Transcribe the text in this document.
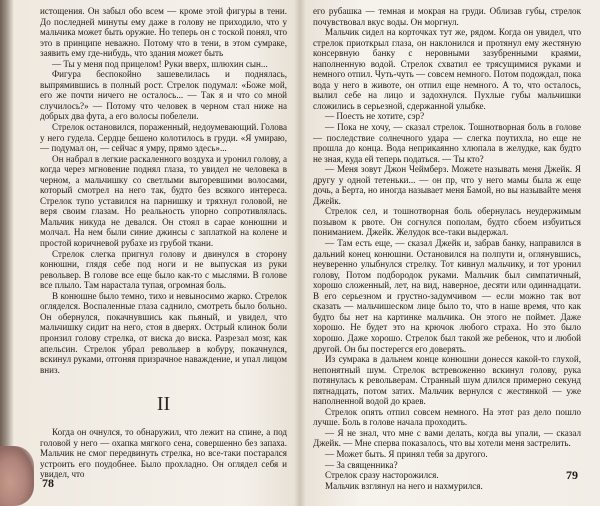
истощения. Он забыл обо всем — кроме этой фигуры в тени. До последней минуты ему даже в голову не приходило, что у мальчика может быть оружие. Но теперь он с тоской понял, что это в принципе неважно. Потому что в тени, в этом сумраке, заявить ему где-нибудь, что здания может быть

— Ты у меня под прицелом! Руки вверх, шлюхин сын...

Фигура беспокойно зашевелилась и поднялась, выпрямившись в полный рост. Стрелок подумал: «Боже мой, его же почти ничего не осталось... — Так я и что со мной случилось?» — Потому что человек в черном стал ниже на добрых два фута, а его волосы побелели.

Стрелок остановился, пораженный, недоумевающий. Голова у него гудела. Сердце бешено колотилось в груди. «Я умираю, — подумал он, — сейчас я умру, прямо здесь»...

Он набрал в легкие раскаленного воздуха и уронил голову, а когда через мгновение поднял глаза, то увидел не человека в черном, а мальчишку со светлыми выгоревшими волосами, который смотрел на него так, будто без всякого интереса. Стрелок тупо уставился на парнишку и тряхнул головой, не веря своим глазам. Но реальность упорно сопротивлялась. Мальчик никуда не девался. Он стоял в сарае конюшни и молчал. На нем были синие джинсы с заплаткой на колене и простой коричневой рубахе из грубой ткани.

Стрелок слегка пригнул голову и двинулся в сторону конюшни, глядя себе под ноги и не выпуская из руки револьвер. В голове все еще было как-то с мыслями. В голове все плыло. Там нарастала тупая, огромная боль.

В конюшне было темно, тихо и невыносимо жарко. Стрелок огляделся. Воспаленные глаза саднило, смотреть было больно. Он обернулся, покачнувшись как пьяный, и увидел, что мальчишку сидит на него, стоя в дверях. Острый клинок боли пронзил голову стрелка, от виска до виска. Разрезал мозг, как апельсин. Стрелок убрал револьвер в кобуру, покачнулся, вскинул руками, отгоняя призрачное наваждение, и упал лицом вниз.

II

Когда он очнулся, то обнаружил, что лежит на спине, а под головой у него — охапка мягкого сена, совершенно без запаха. Мальчик не смог передвинуть стрелка, но все-таки постарался устроить его поудобнее. Было прохладно. Он оглядел себя и увидел, что

78

его рубашка — темная и мокрая на груди. Облизав губы, стрелок почувствовал вкус воды. Он моргнул.

Мальчик сидел на корточках тут же, рядом. Когда он увидел, что стрелок приоткрыл глаза, он наклонился и протянул ему жестяную консервную банку с неровными зазубренными краями, наполненную водой. Стрелок схватил ее трясущимися руками и немного отпил. Чуть-чуть — совсем немного. Потом подождал, пока вода у него в животе, он отпил еще немного. А то, что осталось, вылил себе на лицо и задохнулся. Пухлые губы мальчишки сложились в серьезной, сдержанной улыбке.

— Поесть не хотите, сэр?

— Пока не хочу, — сказал стрелок. Тошнотворная боль в голове — последствие солнечного удара — слегка поутихла, но еще не прошла до конца. Вода неприкаянно хлюпала в желудке, как будто не зная, куда ей теперь податься. — Ты кто?

— Меня зовут Джон Чеймберз. Можете называть меня Джейк. Я другу у одной тетеньки... — он пр, что у него мамы была ж еще дочь, а Берта, но иногда называет меня Бамой, но вы называйте меня Джейк.

Стрелок сел, и тошнотворная боль обернулась неудержимым позывом к рвоте. Он согнулся пополам, будто сбоем избуиться пониманием. Джейк. Желудок все-таки выдержал.

— Там есть еще, — сказал Джейк и, забрав банку, направился в дальний конец конюшни. Остановился на полпути и, оглянувшись, неуверенно улыбнулся стрелку. Тот кивнул мальчику, и тот уронил голову, Потом подбородок руками. Мальчик был симпатичный, хорошо сложенный, лет, на вид, наверное, десяти или одиннадцати. В его серьезном и грустно-задумчивом — если можно так вот сказать — мальчишеском лице было то, что в наше время, что как будто бы нет на картинке мальчика. Он этого не поймет. Даже хорошо. Не будет это на крючок любого страха. Но это было хорошо. Даже хорошо. Стрелок был такой же ребенок, что и любой другой. Он бы постерегся его доверять.

Из сумрака в дальнем конце конюшни донесся какой-то глухой, непонятный шум. Стрелок встревоженно вскинул голову, рука потянулась к револьверам. Странный шум длился примерно секунд пятнадцать, потом затих. Мальчик вернулся с жестянкой — уже наполненной водой до краев.

Стрелок опять отпил совсем немного. На этот раз дело пошло лучше. Боль в голове начала проходить.

— Я не знал, что мне с вами делать, когда вы упали, — сказал Джейк. — Мне сперва показалось, что вы хотели меня застрелить.

— Может быть. Я принял тебя за другого.

— За священника?

Стрелок сразу насторожился.

Мальчик взглянул на него и нахмурился.

79
